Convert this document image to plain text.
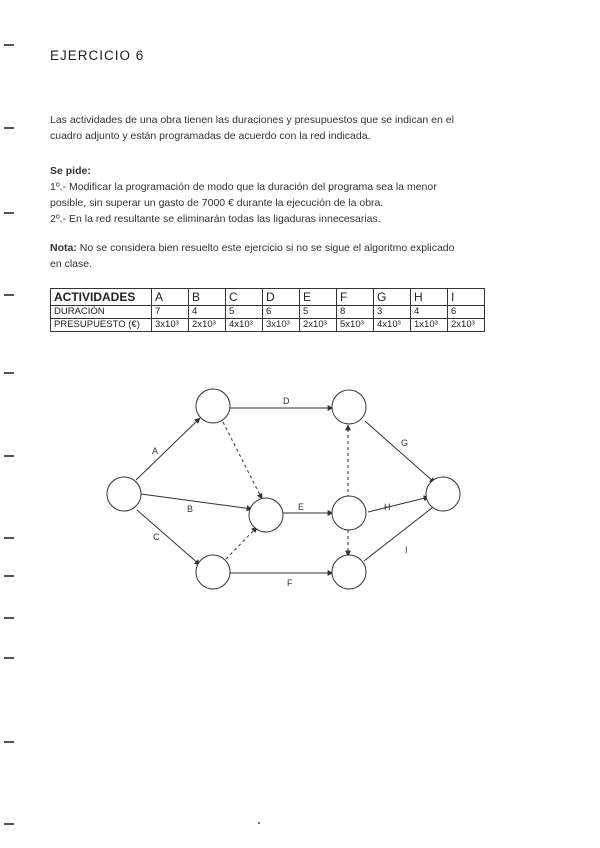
EJERCICIO 6
Las actividades de una obra tienen las duraciones y presupuestos que se indican en el
cuadro adjunto y están programadas de acuerdo con la red indicada.
Se pide:
1º.- Modificar la programación de modo que la duración del programa sea la menor
posible, sin superar un gasto de 7000 € durante la ejecución de la obra.
2º.- En la red resultante se eliminarán todas las ligaduras innecesarias.
Nota: No se considera bien resuelto este ejercicio si no se sigue el algoritmo explicado
en clase.
ACTIVIDADES	A	B	C	D	E	F	G	H	I
DURACIÓN	7	4	5	6	5	8	3	4	6
PRESUPUESTO (€)	3x10³	2x10³	4x10³	3x10³	2x10³	5x10³	4x10³	1x10³	2x10³
A
B
C
D
E
F
G
H
I
